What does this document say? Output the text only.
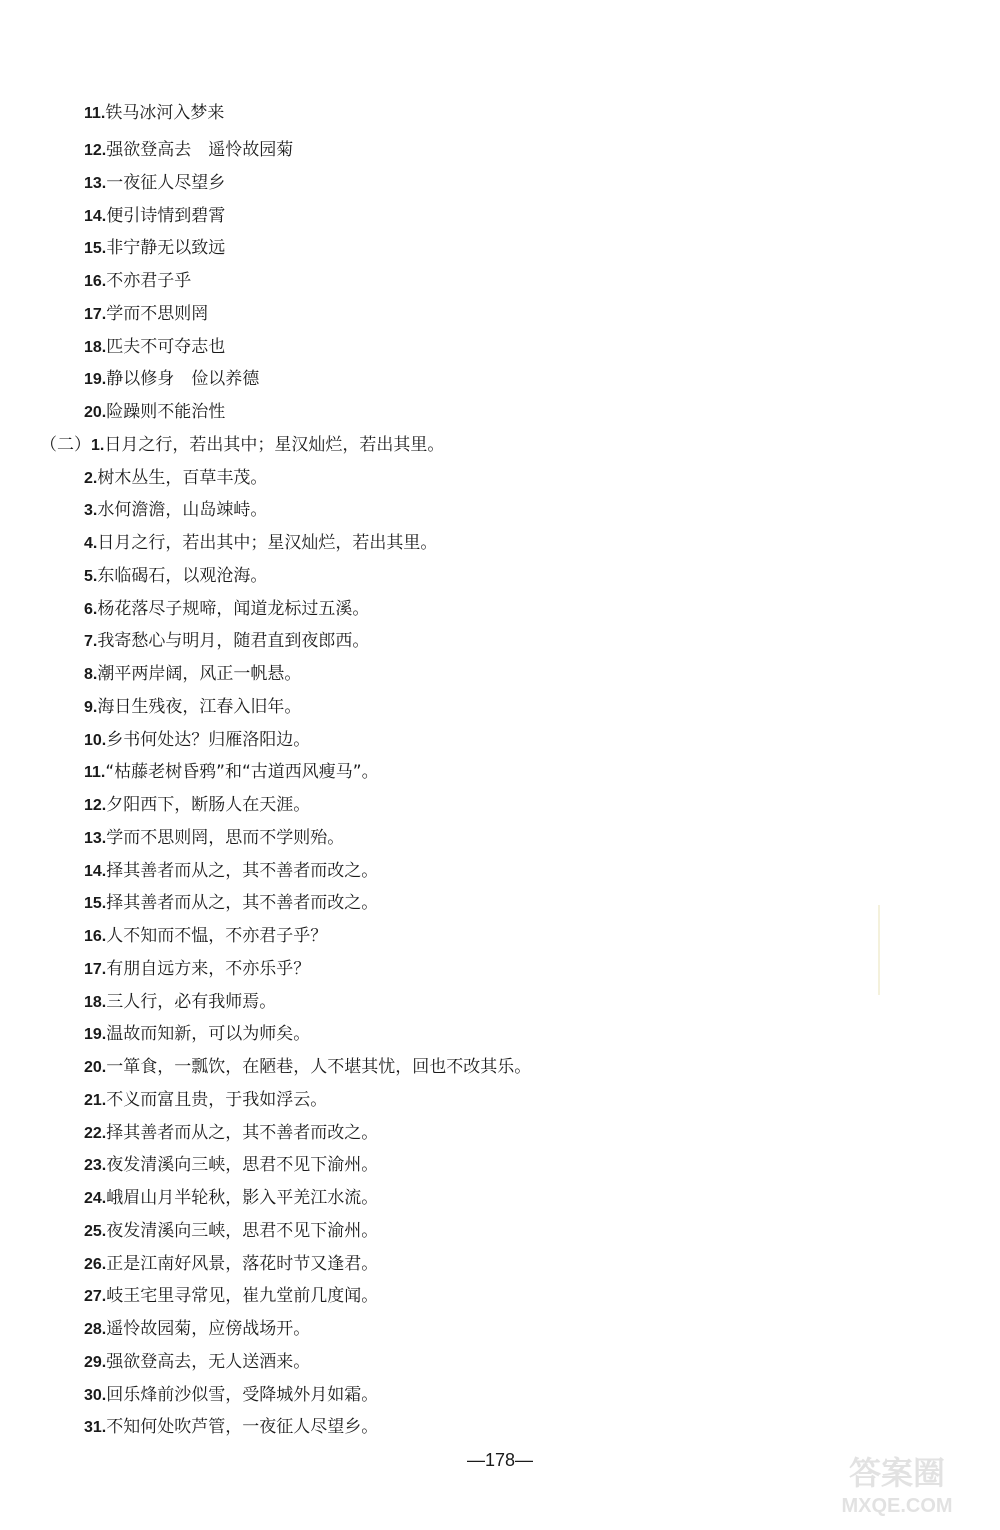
11.铁马冰河入梦来
12.强欲登高去　遥怜故园菊
13.一夜征人尽望乡
14.便引诗情到碧霄
15.非宁静无以致远
16.不亦君子乎
17.学而不思则罔
18.匹夫不可夺志也
19.静以修身　俭以养德
20.险躁则不能治性
（二）1.日月之行，若出其中；星汉灿烂，若出其里。
2.树木丛生，百草丰茂。
3.水何澹澹，山岛竦峙。
4.日月之行，若出其中；星汉灿烂，若出其里。
5.东临碣石，以观沧海。
6.杨花落尽子规啼，闻道龙标过五溪。
7.我寄愁心与明月，随君直到夜郎西。
8.潮平两岸阔，风正一帆悬。
9.海日生残夜，江春入旧年。
10.乡书何处达？归雁洛阳边。
11.“枯藤老树昏鸦”和“古道西风瘦马”。
12.夕阳西下，断肠人在天涯。
13.学而不思则罔，思而不学则殆。
14.择其善者而从之，其不善者而改之。
15.择其善者而从之，其不善者而改之。
16.人不知而不愠，不亦君子乎？
17.有朋自远方来，不亦乐乎？
18.三人行，必有我师焉。
19.温故而知新，可以为师矣。
20.一箪食，一瓢饮，在陋巷，人不堪其忧，回也不改其乐。
21.不义而富且贵，于我如浮云。
22.择其善者而从之，其不善者而改之。
23.夜发清溪向三峡，思君不见下渝州。
24.峨眉山月半轮秋，影入平羌江水流。
25.夜发清溪向三峡，思君不见下渝州。
26.正是江南好风景，落花时节又逢君。
27.岐王宅里寻常见，崔九堂前几度闻。
28.遥怜故园菊，应傍战场开。
29.强欲登高去，无人送酒来。
30.回乐烽前沙似雪，受降城外月如霜。
31.不知何处吹芦管，一夜征人尽望乡。
—178—	答案圈
MXQE.COM
